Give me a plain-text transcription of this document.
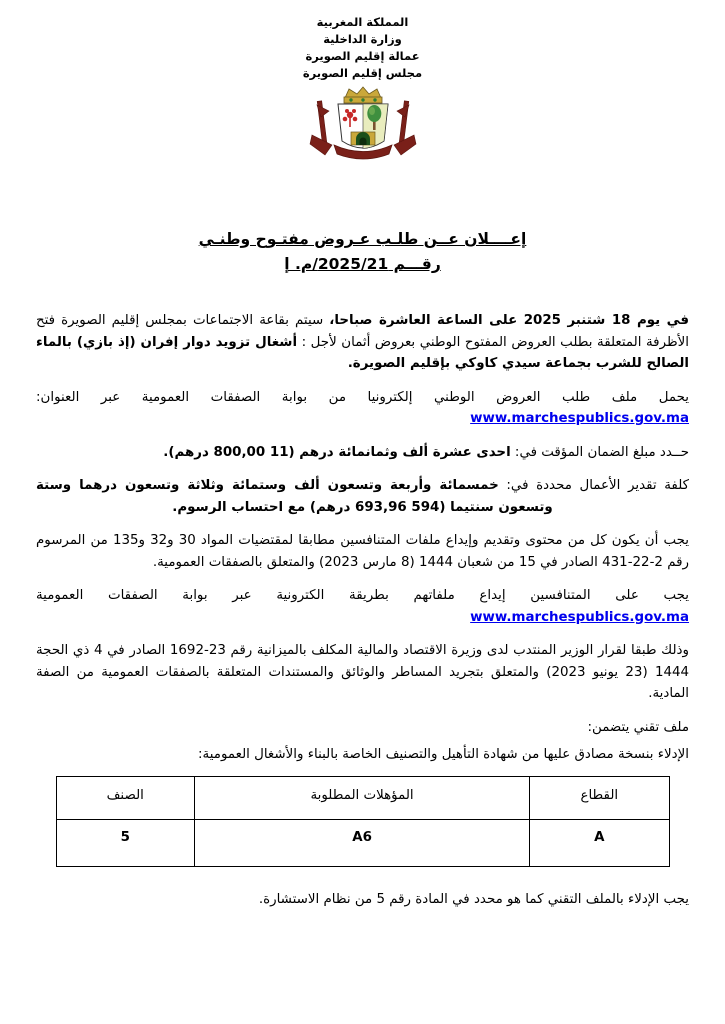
المملكة المغربية
وزارة الداخلية
عمالة إقليم الصويرة
مجلس إقليم الصويرة
إعــــلان عــن طلـب عـروض مفتـوح وطنـي
رقـــم 2025/21/م. إ

في يوم 18 شتنبر 2025 على الساعة العاشرة صباحا، سيتم بقاعة الاجتماعات بمجلس إقليم الصويرة فتح الأظرفة المتعلقة بطلب العروض المفتوح الوطني بعروض أثمان لأجل : أشغال تزويد دوار إفران (إذ بازي) بالماء الصالح للشرب بجماعة سيدي كاوكي بإقليم الصويرة.

يحمل ملف طلب العروض الوطني إلكترونيا من بوابة الصفقات العمومية عبر العنوان: www.marchespublics.gov.ma

حــدد مبلغ الضمان المؤقت في: احدى عشرة ألف وثمانمائة درهم (11 800,00 درهم).

كلفة تقدير الأعمال محددة في: خمسمائة وأربعة وتسعون ألف وستمائة وثلاثة وتسعون درهما وستة وتسعون سنتيما (594 693,96 درهم) مع احتساب الرسوم.

يجب أن يكون كل من محتوى وتقديم وإيداع ملفات المتنافسين مطابقا لمقتضيات المواد 30 و32 و135 من المرسوم رقم 2-22-431 الصادر في 15 من شعبان 1444 (8 مارس 2023) والمتعلق بالصفقات العمومية.

يجب على المتنافسين إيداع ملفاتهم بطريقة الكترونية عبر بوابة الصفقات العمومية www.marchespublics.gov.ma

وذلك طبقا لقرار الوزير المنتدب لدى وزيرة الاقتصاد والمالية المكلف بالميزانية رقم 23-1692 الصادر في 4 ذي الحجة 1444 (23 يونيو 2023) والمتعلق بتجريد المساطر والوثائق والمستندات المتعلقة بالصفقات العمومية من الصفة المادية.

ملف تقني يتضمن:

الإدلاء بنسخة مصادق عليها من شهادة التأهيل والتصنيف الخاصة بالبناء والأشغال العمومية:

القطاع	المؤهلات المطلوبة	الصنف
A	A6	5

يجب الإدلاء بالملف التقني كما هو محدد في المادة رقم 5 من نظام الاستشارة.
